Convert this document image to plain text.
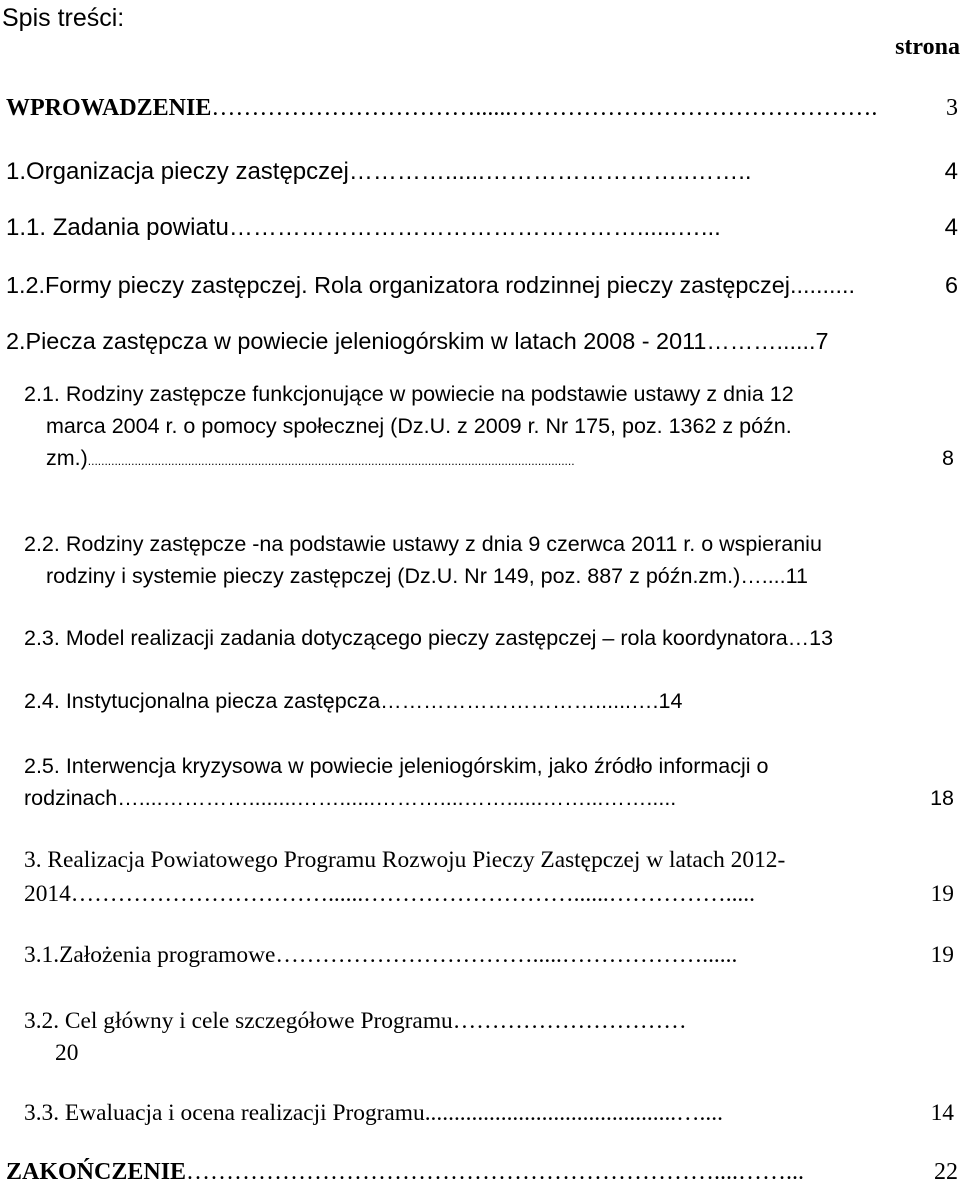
Spis treści:
strona
WPROWADZENIE……………………………......……………………………………….	3
1.Organizacja pieczy zastępczej…………......……………………..……..	4
1.1. Zadania powiatu……………………………………………......…...	4
1.2.Formy pieczy zastępczej. Rola organizatora rodzinnej pieczy zastępczej..........	6
2.Piecza zastępcza w powiecie jeleniogórskim w latach 2008 - 2011………...... 7
2.1. Rodziny zastępcze funkcjonujące w powiecie na podstawie ustawy z dnia 12
marca 2004 r. o pomocy społecznej (Dz.U. z 2009 r. Nr 175, poz. 1362 z późn.
zm.)..................................................................................................................................................	8
2.2. Rodziny zastępcze -na podstawie ustawy z dnia 9 czerwca 2011 r. o wspieraniu
rodziny i systemie pieczy zastępczej (Dz.U. Nr 149, poz. 887 z późn.zm.)…....11
2.3. Model realizacji zadania dotyczącego pieczy zastępczej – rola koordynatora…13
2.4. Instytucjonalna piecza zastępcza…………………………......….14
2.5. Interwencja kryzysowa w powiecie jeleniogórskim, jako źródło informacji o
rodzinach…....…………........……......………....……......……...…….....	18
3. Realizacja Powiatowego Programu Rozwoju Pieczy Zastępczej w latach 2012-
2014……………………………......………………………......…………….....	19
3.1.Założenia programowe…………………………….....………………......	19
3.2. Cel główny i cele szczegółowe Programu…………………………
20
3.3. Ewaluacja i ocena realizacji Programu...........................................…....	14
ZAKOŃCZENIE…………………………………………………………....……...	22
